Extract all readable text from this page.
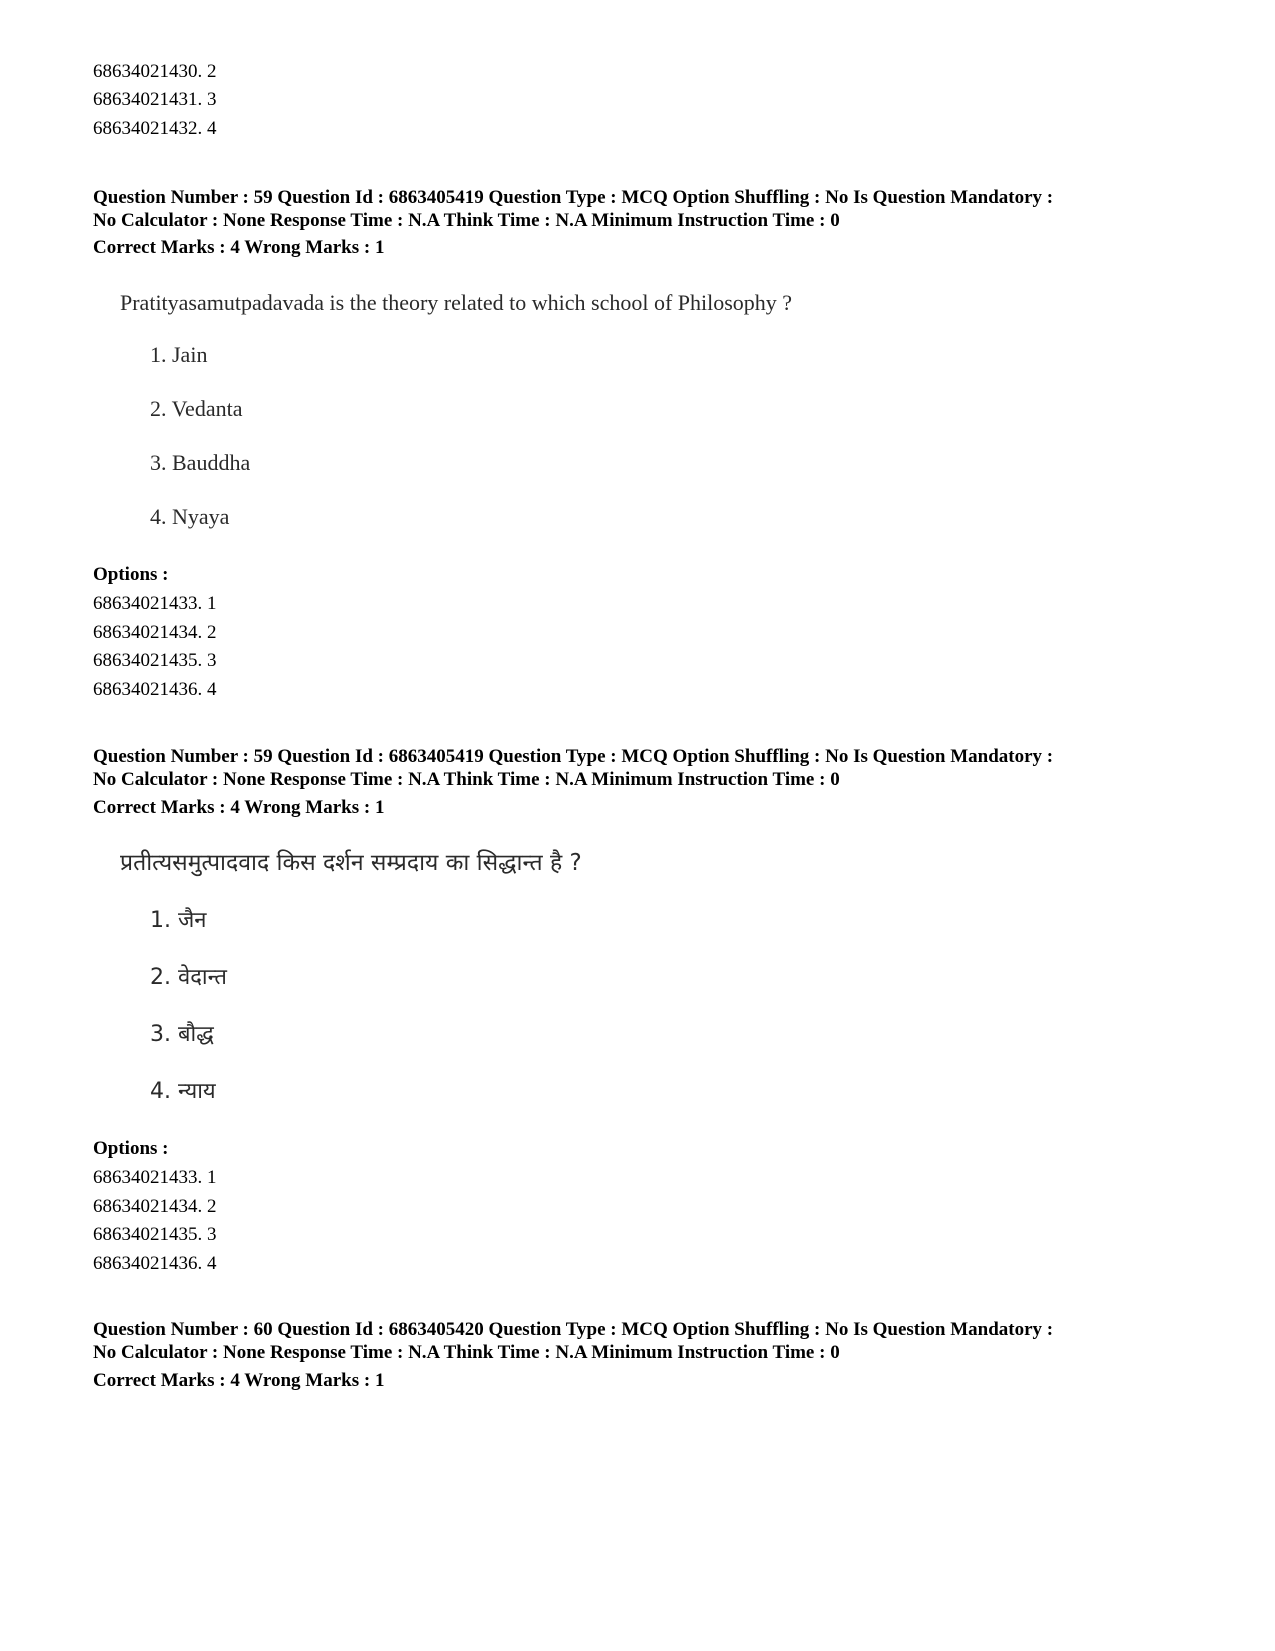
68634021430. 2
68634021431. 3
68634021432. 4
Question Number : 59 Question Id : 6863405419 Question Type : MCQ Option Shuffling : No Is Question Mandatory :
No Calculator : None Response Time : N.A Think Time : N.A Minimum Instruction Time : 0
Correct Marks : 4 Wrong Marks : 1
Pratityasamutpadavada is the theory related to which school of Philosophy ?
1. Jain
2. Vedanta
3. Bauddha
4. Nyaya
Options :
68634021433. 1
68634021434. 2
68634021435. 3
68634021436. 4
Question Number : 59 Question Id : 6863405419 Question Type : MCQ Option Shuffling : No Is Question Mandatory :
No Calculator : None Response Time : N.A Think Time : N.A Minimum Instruction Time : 0
Correct Marks : 4 Wrong Marks : 1
प्रतीत्यसमुत्पादवाद किस दर्शन सम्प्रदाय का सिद्धान्त है ?
1. जैन
2. वेदान्त
3. बौद्ध
4. न्याय
Options :
68634021433. 1
68634021434. 2
68634021435. 3
68634021436. 4
Question Number : 60 Question Id : 6863405420 Question Type : MCQ Option Shuffling : No Is Question Mandatory :
No Calculator : None Response Time : N.A Think Time : N.A Minimum Instruction Time : 0
Correct Marks : 4 Wrong Marks : 1
